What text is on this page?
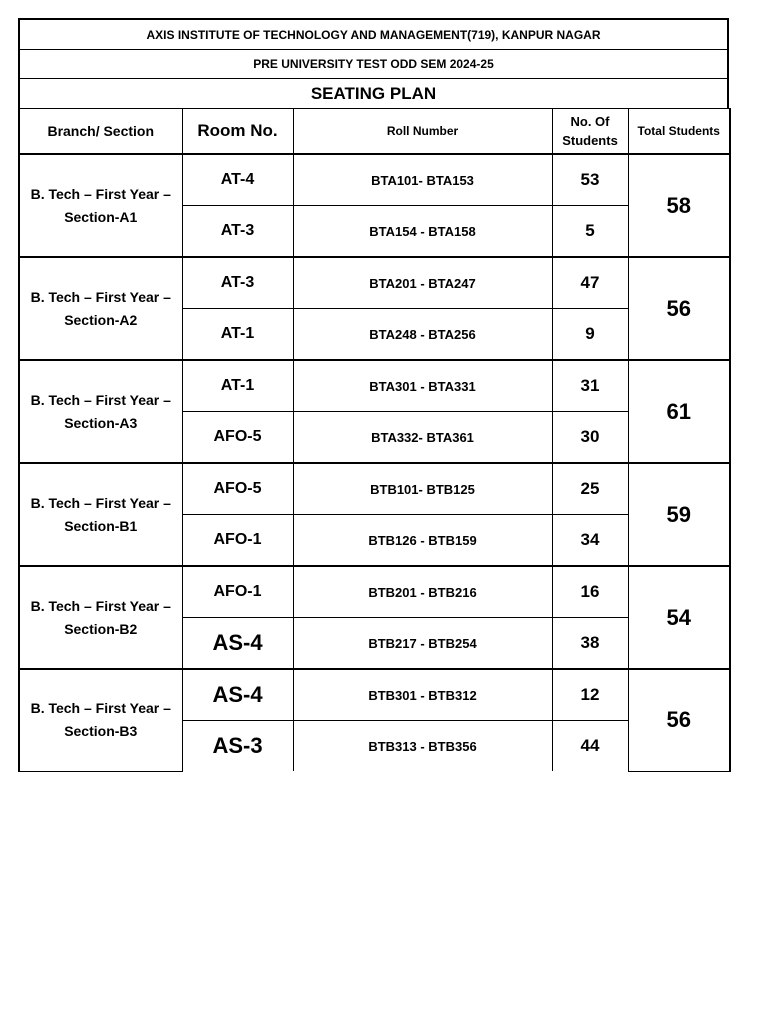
AXIS INSTITUTE OF TECHNOLOGY AND MANAGEMENT(719), KANPUR NAGAR
PRE UNIVERSITY TEST ODD SEM 2024-25
SEATING PLAN
Branch/ Section	Room No.	Roll Number	No. Of Students	Total Students
B. Tech – First Year – Section-A1	AT-4	BTA101- BTA153	53	58
	AT-3	BTA154 - BTA158	5	
B. Tech – First Year – Section-A2	AT-3	BTA201 - BTA247	47	56
	AT-1	BTA248 - BTA256	9	
B. Tech – First Year – Section-A3	AT-1	BTA301 - BTA331	31	61
	AFO-5	BTA332- BTA361	30	
B. Tech – First Year – Section-B1	AFO-5	BTB101- BTB125	25	59
	AFO-1	BTB126 - BTB159	34	
B. Tech – First Year – Section-B2	AFO-1	BTB201 - BTB216	16	54
	AS-4	BTB217 - BTB254	38	
B. Tech – First Year – Section-B3	AS-4	BTB301 - BTB312	12	56
	AS-3	BTB313 - BTB356	44	
